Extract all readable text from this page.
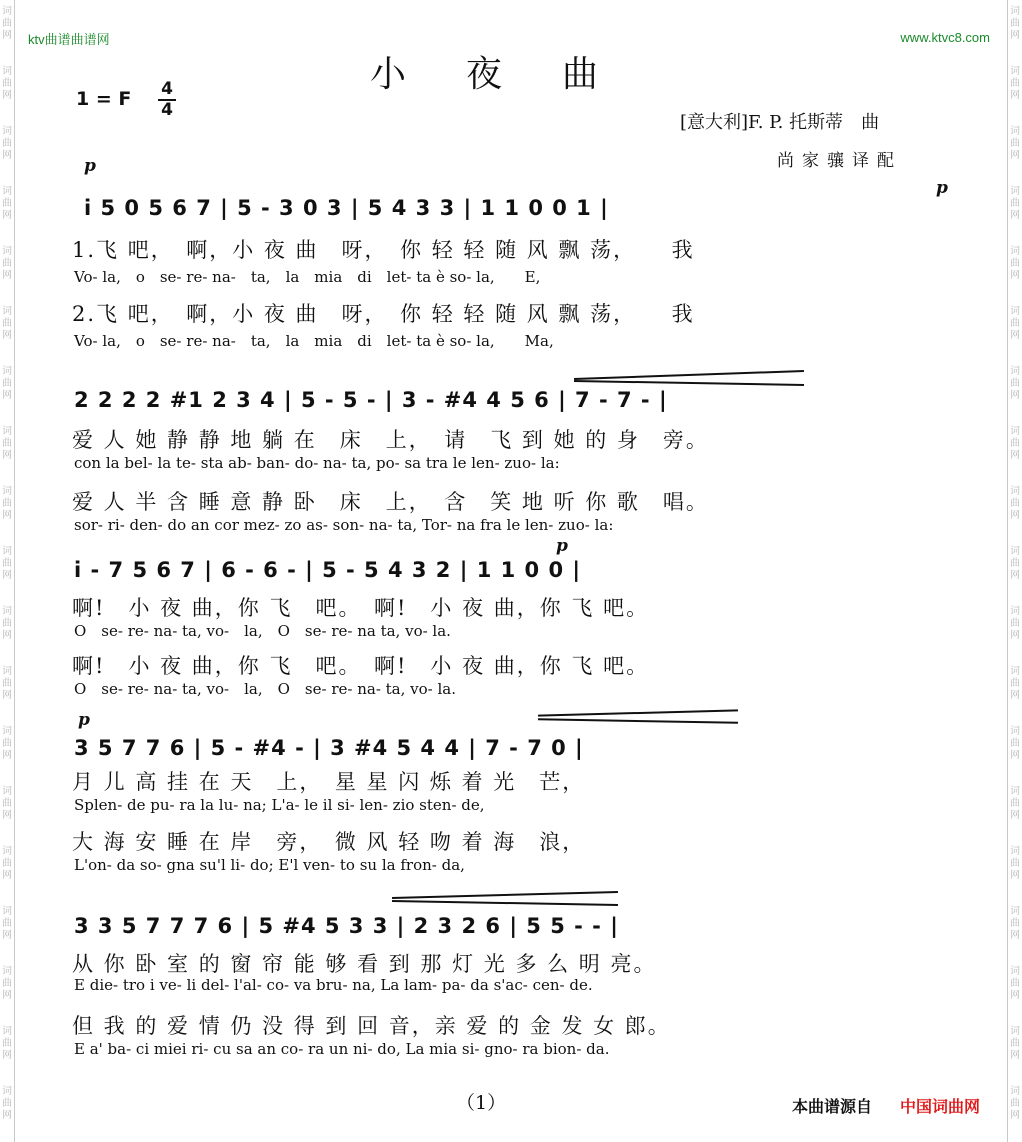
词
曲
网
词
曲
网
词
曲
网
词
曲
网
词
曲
网
词
曲
网
词
曲
网
词
曲
网
词
曲
网
词
曲
网
词
曲
网
词
曲
网
词
曲
网
词
曲
网
词
曲
网
词
曲
网
词
曲
网
词
曲
网
词
曲
网
词
曲
网
词
曲
网
词
曲
网
词
曲
网
词
曲
网
词
曲
网
词
曲
网
词
曲
网
词
曲
网
词
曲
网
词
曲
网
词
曲
网
词
曲
网
词
曲
网
词
曲
网
词
曲
网
词
曲
网
词
曲
网
词
曲
网
ktv曲谱曲谱网	www.ktvc8.com
小夜曲
1 = F 4
4
[意大利]F. P. 托斯蒂　曲
尚家骧译配
p
p
i 5 0 5 6 7 | 5 - 3 0 3 | 5 4 3 3 | 1 1 0 0 1 |
1.飞 吧，　啊，小 夜 曲　呀，　你 轻 轻 随 风 飘 荡，　　我
Vo- la,　o　se- re- na-　ta,　la　mia　di　let- ta è so- la,　　E,
2.飞 吧，　啊，小 夜 曲　呀，　你 轻 轻 随 风 飘 荡，　　我
Vo- la,　o　se- re- na-　ta,　la　mia　di　let- ta è so- la,　　Ma,
2 2 2 2 #1 2 3 4 | 5 - 5 - | 3 - #4 4 5 6 | 7 - 7 - |
爱 人 她 静 静 地 躺 在　床　上，　请　飞 到 她 的 身　旁。
con la bel- la te- sta ab- ban- do- na- ta, po- sa tra le len- zuo- la:
爱 人 半 含 睡 意 静 卧　床　上，　含　笑 地 听 你 歌　唱。
sor- ri- den- do an cor mez- zo as- son- na- ta, Tor- na fra le len- zuo- la:
p
i - 7 5 6 7 | 6 - 6 - | 5 - 5 4 3 2 | 1 1 0 0 |
啊!　小 夜 曲，你 飞　吧。　啊!　小 夜 曲，你 飞 吧。
O　se- re- na- ta, vo-　la,　O　se- re- na ta, vo- la.
啊!　小 夜 曲，你 飞　吧。　啊!　小 夜 曲，你 飞 吧。
O　se- re- na- ta, vo-　la,　O　se- re- na- ta, vo- la.
p
3 5 7 7 6 | 5 - #4 - | 3 #4 5 4 4 | 7 - 7 0 |
月 儿 高 挂 在 天　上，　星 星 闪 烁 着 光　芒，
Splen- de pu- ra la lu- na; L'a- le il si- len- zio sten- de,
大 海 安 睡 在 岸　旁，　微 风 轻 吻 着 海　浪，
L'on- da so- gna su'l li- do; E'l ven- to su la fron- da,
3 3 5 7 7 7 6 | 5 #4 5 3 3 | 2 3 2 6 | 5 5 - - |
从 你 卧 室 的 窗 帘 能 够 看 到 那 灯 光 多 么 明 亮。
E die- tro i ve- li del- l'al- co- va bru- na, La lam- pa- da s'ac- cen- de.
但 我 的 爱 情 仍 没 得 到 回 音，亲 爱 的 金 发 女 郎。
E a' ba- ci miei ri- cu sa an co- ra un ni- do, La mia si- gno- ra bion- da.
（1）	本曲谱源自 中国词曲网
